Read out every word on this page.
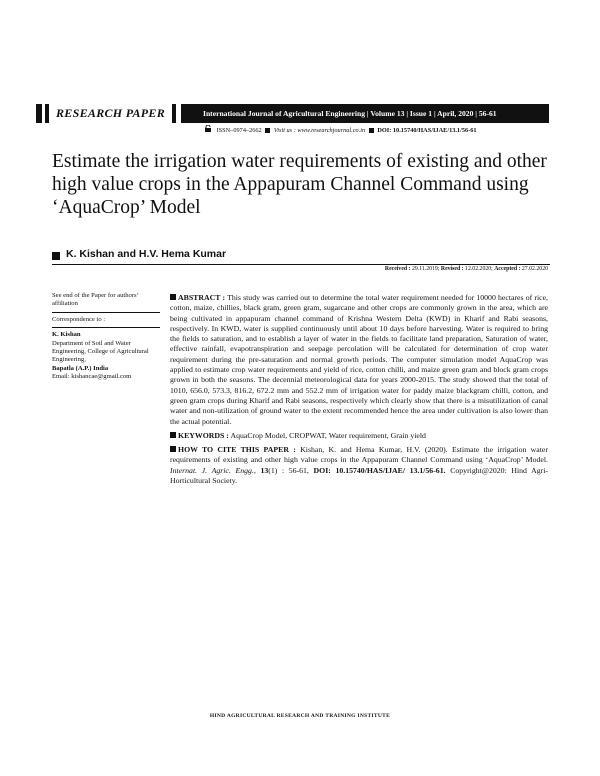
RESEARCH PAPER	International Journal of Agricultural Engineering | Volume 13 | Issue 1 | April, 2020 | 56-61
ISSN–0974–2662 Visit us : www.researchjournal.co.in DOI: 10.15740/HAS/IJAE/13.1/56-61
Estimate the irrigation water requirements of existing and other high value crops in the Appapuram Channel Command using ‘AquaCrop’ Model
K. Kishan and H.V. Hema Kumar
Received : 29.11.2019; Revised : 12.02.2020; Accepted : 27.02.2020

See end of the Paper for authors’ affiliation

Correspondence to :

K. Kishan

Department of Soil and Water Engineering, College of Agricultural Engineering,

Bapatla (A.P.) India

Email: kishancae@gmail.com

ABSTRACT : This study was carried out to determine the total water requirement needed for 10000 hectares of rice, cotton, maize, chillies, black gram, green gram, sugarcane and other crops are commonly grown in the area, which are being cultivated in appapuram channel command of Krishna Western Delta (KWD) in Kharif and Rabi seasons, respectively. In KWD, water is supplied continuously until about 10 days before harvesting. Water is required to bring the fields to saturation, and to establish a layer of water in the fields to facilitate land preparation, Saturation of water, effective rainfall, evapotranspiration and seepage percolation will be calculated for determination of crop water requirement during the pre-saturation and normal growth periods. The computer simulation model AquaCrop was applied to estimate crop water requirements and yield of rice, cotton chilli, and maize green gram and block gram crops grown in both the seasons. The decennial meteorological data for years 2000-2015. The study showed that the total of 1010, 656.0, 573.3, 816.2, 672.2 mm and 552.2 mm of irrigation water for paddy maize blackgram chilli, cotton, and green gram crops during Kharif and Rabi seasons, respectively which clearly show that there is a misutilization of canal water and non-utilization of ground water to the extent recommended hence the area under cultivation is also lower than the actual potential.

KEYWORDS : AquaCrop Model, CROPWAT, Water requirement, Grain yield

HOW TO CITE THIS PAPER : Kishan, K. and Hema Kumar, H.V. (2020). Estimate the irrigation water requirements of existing and other high value crops in the Appapuram Channel Command using ‘AquaCrop’ Model. Internat. J. Agric. Engg., 13(1) : 56-61, DOI: 10.15740/HAS/IJAE/ 13.1/56-61. Copyright@2020: Hind Agri-Horticultural Society.

HIND AGRICULTURAL RESEARCH AND TRAINING INSTITUTE
